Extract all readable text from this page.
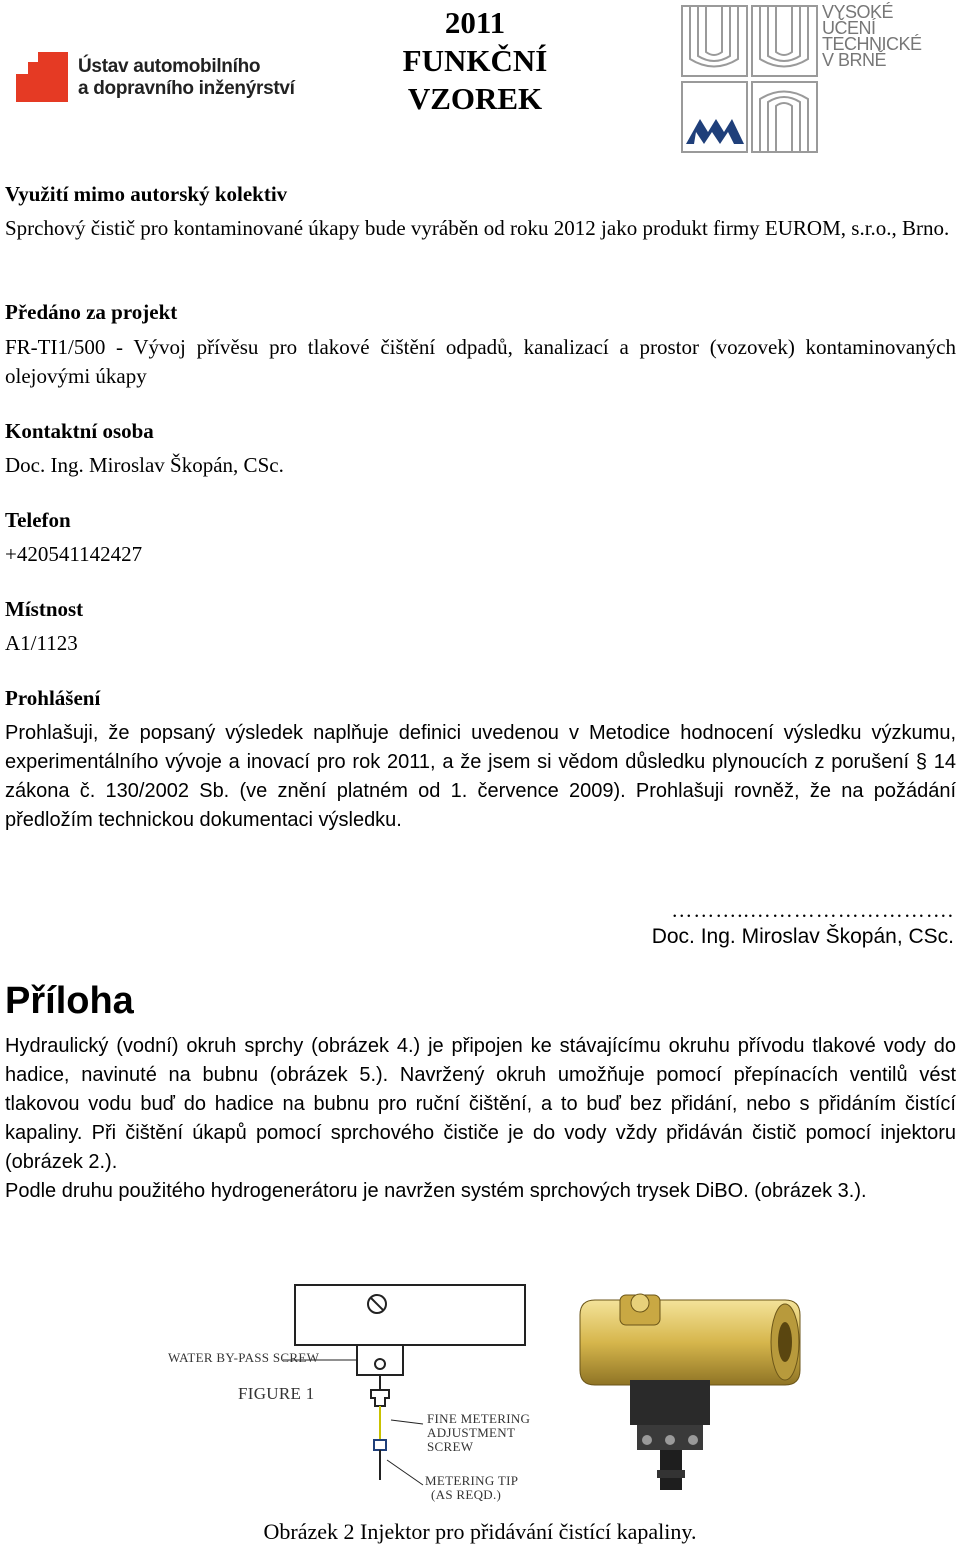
Ústav automobilního
a dopravního inženýrství
2011
FUNKČNÍ
VZOREK
VYSOKÉ
UČENÍ
TECHNICKÉ
V BRNĚ
Využití mimo autorský kolektiv
Sprchový čistič pro kontaminované úkapy bude vyráběn od roku 2012 jako produkt firmy EUROM, s.r.o., Brno.
Předáno za projekt
FR-TI1/500 - Vývoj přívěsu pro tlakové čištění odpadů, kanalizací a prostor (vozovek) kontaminovaných olejovými úkapy
Kontaktní osoba
Doc. Ing. Miroslav Škopán, CSc.
Telefon
+420541142427
Místnost
A1/1123
Prohlášení
Prohlašuji, že popsaný výsledek naplňuje definici uvedenou v Metodice hodnocení výsledku výzkumu, experimentálního vývoje a inovací pro rok 2011, a že jsem si vědom důsledku plynoucích z porušení § 14 zákona č. 130/2002 Sb. (ve znění platném od 1. července 2009). Prohlašuji rovněž, že na požádání předložím technickou dokumentaci výsledku.
………..……………………….
Doc. Ing. Miroslav Škopán, CSc.
Příloha
Hydraulický (vodní) okruh sprchy (obrázek 4.) je připojen ke stávajícímu okruhu přívodu tlakové vody do hadice, navinuté na bubnu (obrázek 5.). Navržený okruh umožňuje pomocí přepínacích ventilů vést tlakovou vodu buď do hadice na bubnu pro ruční čištění, a to buď bez přidání, nebo s přidáním čistící kapaliny. Při čištění úkapů pomocí sprchového čističe je do vody vždy přidáván čistič pomocí injektoru (obrázek 2.).
Podle druhu použitého hydrogenerátoru je navržen systém sprchových trysek DiBO. (obrázek 3.).
WATER BY-PASS SCREW
FIGURE 1
FINE METERING
ADJUSTMENT
SCREW
METERING TIP
(AS REQD.)
Obrázek 2 Injektor pro přidávání čistící kapaliny.
